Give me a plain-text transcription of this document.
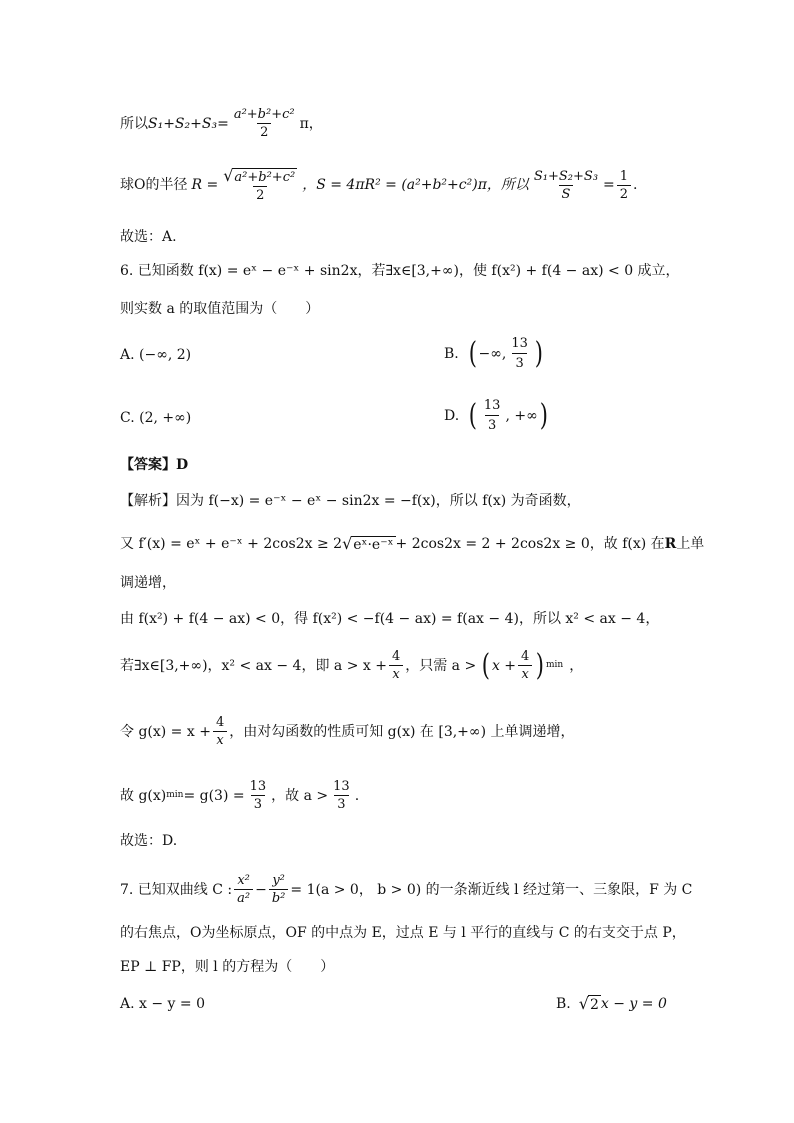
所以 $S_1+S_2+S_3= \frac{\text{a²+b²+c²}}{2}$ π，
球O的半径 $R = \frac{\text{√a²+b²+c²}}{2}$ ，S = 4πR² = (a²+b²+c²)π，所以 $\frac{\text{S₁+S₂+S₃}}{S} = \frac{1}{2}$ .
故选：A.
6. 已知函数 f(x) = eˣ − e⁻ˣ + sin2x，若∃x∈[3,+∞)，使 f(x²) + f(4 − ax) < 0 成立，
则实数 a 的取值范围为（　　）
A. (−∞, 2)	B. ( −∞, $\frac{13}{3}$ )
C. (2, +∞)	D. ( $\frac{13}{3}$ , +∞ )
【答案】D
【解析】因为 f(−x) = e⁻ˣ − eˣ − sin2x = −f(x)，所以 f(x) 为奇函数，
又 f′(x) = eˣ + e⁻ˣ + 2cos2x ≥ 2 √ eˣ·e⁻ˣ + 2cos2x = 2 + 2cos2x ≥ 0，故 f(x) 在 R 上单
调递增，
由 f(x²) + f(4 − ax) < 0，得 f(x²) < −f(4 − ax) = f(ax − 4)，所以 x² < ax − 4，
若∃x∈[3,+∞)，x² < ax − 4，即 $a > x + \frac{4}{x}$ ，只需 a > ( $x + \frac{4}{x}$ ) min ，
令 $g(x) = x + \frac{4}{x}$ ，由对勾函数的性质可知 g(x) 在 [3,+∞) 上单调递增，
故 g(x) $\min = g(3) = \frac{13}{3}$ ，故 $a > \frac{13}{3}$ .
故选：D.
7. 已知双曲线 C : $\frac{\text{x²}}{\text{a²}} - \frac{\text{y²}}{\text{b²}} = 1(a > 0$， b > 0) 的一条渐近线 l 经过第一、三象限，F 为 C
的右焦点，O为坐标原点，OF 的中点为 E，过点 E 与 l 平行的直线与 C 的右支交于点 P，
EP ⊥ FP，则 l 的方程为（　　）
A. x − y = 0	B. √ 2 x − y = 0
